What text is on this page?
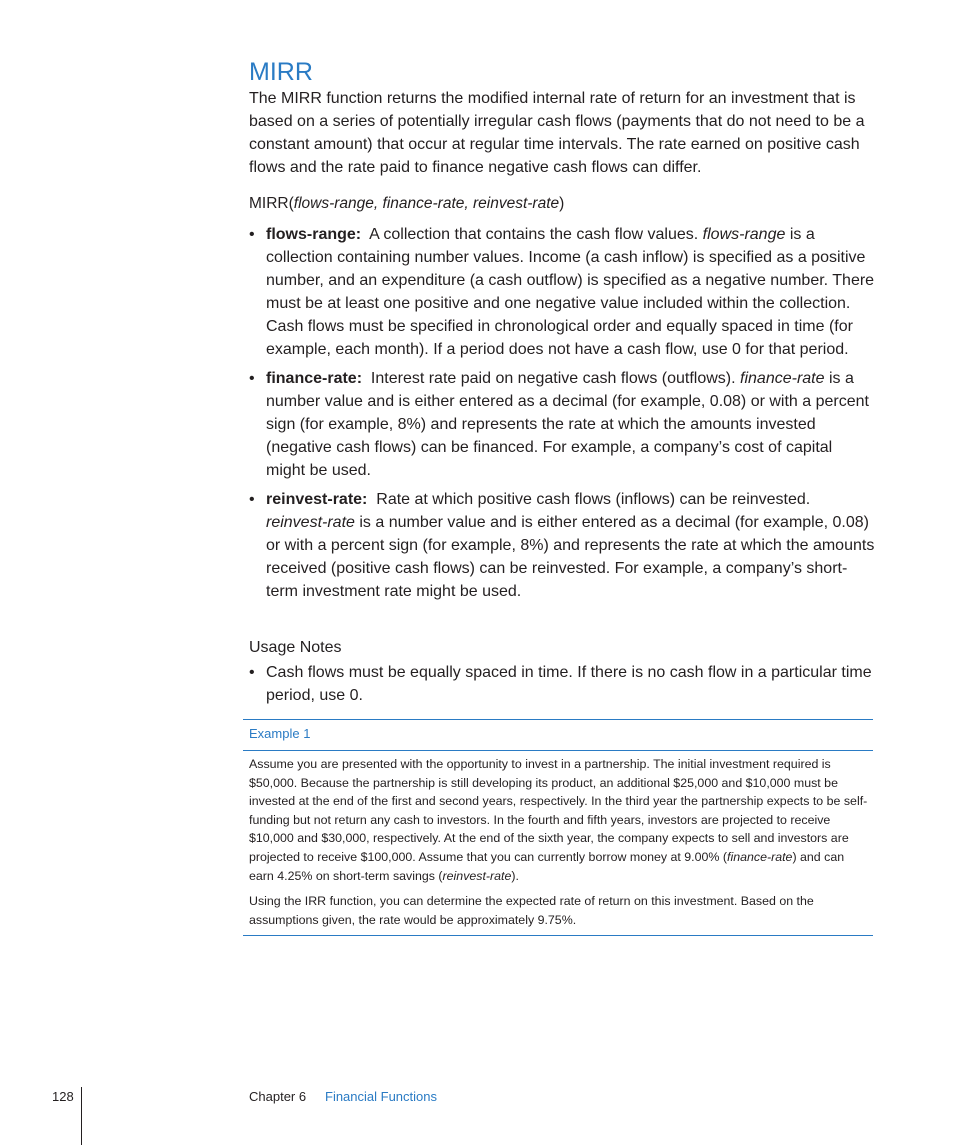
MIRR

The MIRR function returns the modified internal rate of return for an investment that is based on a series of potentially irregular cash flows (payments that do not need to be a constant amount) that occur at regular time intervals. The rate earned on positive cash flows and the rate paid to finance negative cash flows can differ.

MIRR(flows-range, finance-rate, reinvest-rate)
• flows-range: A collection that contains the cash flow values. flows-range is a collection containing number values. Income (a cash inflow) is specified as a positive number, and an expenditure (a cash outflow) is specified as a negative number. There must be at least one positive and one negative value included within the collection. Cash flows must be specified in chronological order and equally spaced in time (for example, each month). If a period does not have a cash flow, use 0 for that period.
• finance-rate: Interest rate paid on negative cash flows (outflows). finance-rate is a number value and is either entered as a decimal (for example, 0.08) or with a percent sign (for example, 8%) and represents the rate at which the amounts invested (negative cash flows) can be financed. For example, a company’s cost of capital might be used.
• reinvest-rate: Rate at which positive cash flows (inflows) can be reinvested. reinvest-rate is a number value and is either entered as a decimal (for example, 0.08) or with a percent sign (for example, 8%) and represents the rate at which the amounts received (positive cash flows) can be reinvested. For example, a company’s short-term investment rate might be used.
Usage Notes
• Cash flows must be equally spaced in time. If there is no cash flow in a particular time period, use 0.
Example 1

Assume you are presented with the opportunity to invest in a partnership. The initial investment required is $50,000. Because the partnership is still developing its product, an additional $25,000 and $10,000 must be invested at the end of the first and second years, respectively. In the third year the partnership expects to be self-funding but not return any cash to investors. In the fourth and fifth years, investors are projected to receive $10,000 and $30,000, respectively. At the end of the sixth year, the company expects to sell and investors are projected to receive $100,000. Assume that you can currently borrow money at 9.00% (finance-rate) and can earn 4.25% on short-term savings (reinvest-rate).

Using the IRR function, you can determine the expected rate of return on this investment. Based on the assumptions given, the rate would be approximately 9.75%.

128	Chapter 6 Financial Functions
